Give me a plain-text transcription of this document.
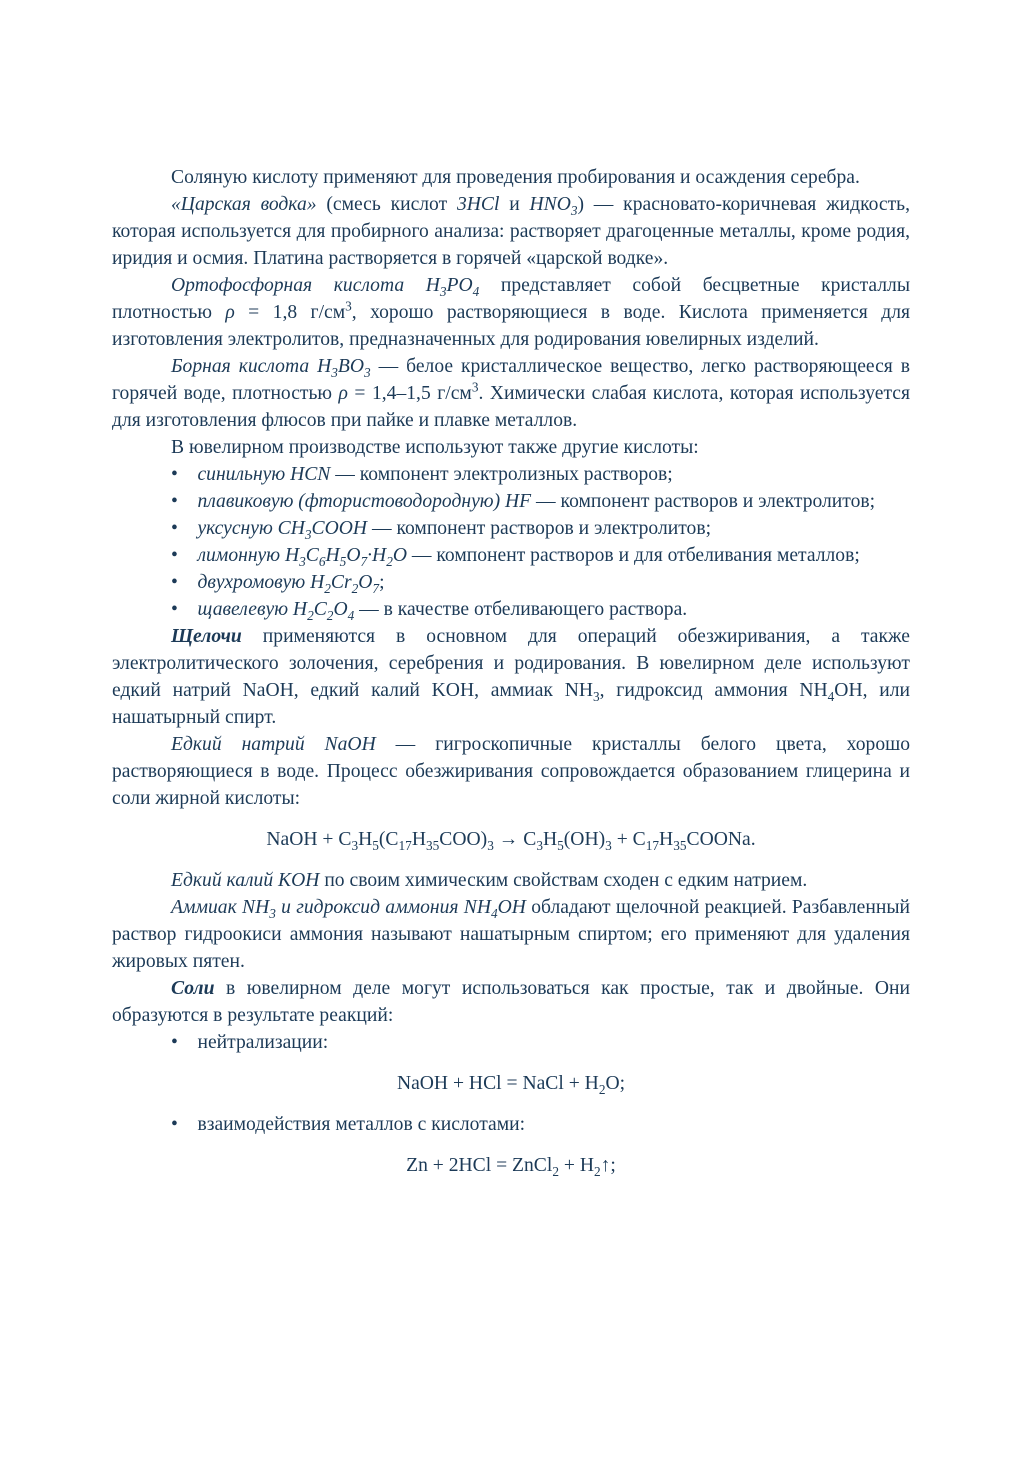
Соляную кислоту применяют для проведения пробирования и осаждения серебра.

«Царская водка» (смесь кислот 3HCl и $HNO_3$) — красновато-коричневая жидкость, которая используется для пробирного анализа: растворяет драгоценные металлы, кроме родия, иридия и осмия. Платина растворяется в горячей «царской водке».

Ортофосфорная кислота $H_3PO_4$ представляет собой бесцветные кристаллы плотностью ρ = 1,8 $г/см^3$, хорошо растворяющиеся в воде. Кислота применяется для изготовления электролитов, предназначенных для родирования ювелирных изделий.

Борная кислота $H_3BO_3$ — белое кристаллическое вещество, легко растворяющееся в горячей воде, плотностью ρ = 1,4–1,5 $г/см^3$. Химически слабая кислота, которая используется для изготовления флюсов при пайке и плавке металлов.

В ювелирном производстве используют также другие кислоты:

•  синильную HCN — компонент электролизных растворов;

•  плавиковую (фтористоводородную) HF — компонент растворов и электролитов;

•  уксусную $CH_3COOH$ — компонент растворов и электролитов;

•  лимонную $H_3C_6H_5O_7\cdot H_2O$ — компонент растворов и для отбеливания металлов;

•  двухромовую $H_2Cr_2O_7$;

•  щавелевую $H_2C_2O_4$ — в качестве отбеливающего раствора.

Щелочи применяются в основном для операций обезжиривания, а также электролитического золочения, серебрения и родирования. В ювелирном деле используют едкий натрий NaOH, едкий калий KOH, аммиак $NH_3$, гидроксид аммония $NH_4OH$, или нашатырный спирт.

Едкий натрий NaOH — гигроскопичные кристаллы белого цвета, хорошо растворяющиеся в воде. Процесс обезжиривания сопровождается образованием глицерина и соли жирной кислоты:

NaOH + $C_3H_5(C_{17}H_{35}COO)_3 \to C_3H_5(OH)_3$ + $C_{17}H_{35}COONa$.

Едкий калий KOH по своим химическим свойствам сходен с едким натрием.

Аммиак $NH_3$ и гидроксид аммония $NH_4OH$ обладают щелочной реакцией. Разбавленный раствор гидроокиси аммония называют нашатырным спиртом; его применяют для удаления жировых пятен.

Соли в ювелирном деле могут использоваться как простые, так и двойные. Они образуются в результате реакций:

•  нейтрализации:

NaOH + HCl = NaCl + $H_2O$;

•  взаимодействия металлов с кислотами:

Zn + 2HCl = ZnCl$_2$ + $H_2↑$;
